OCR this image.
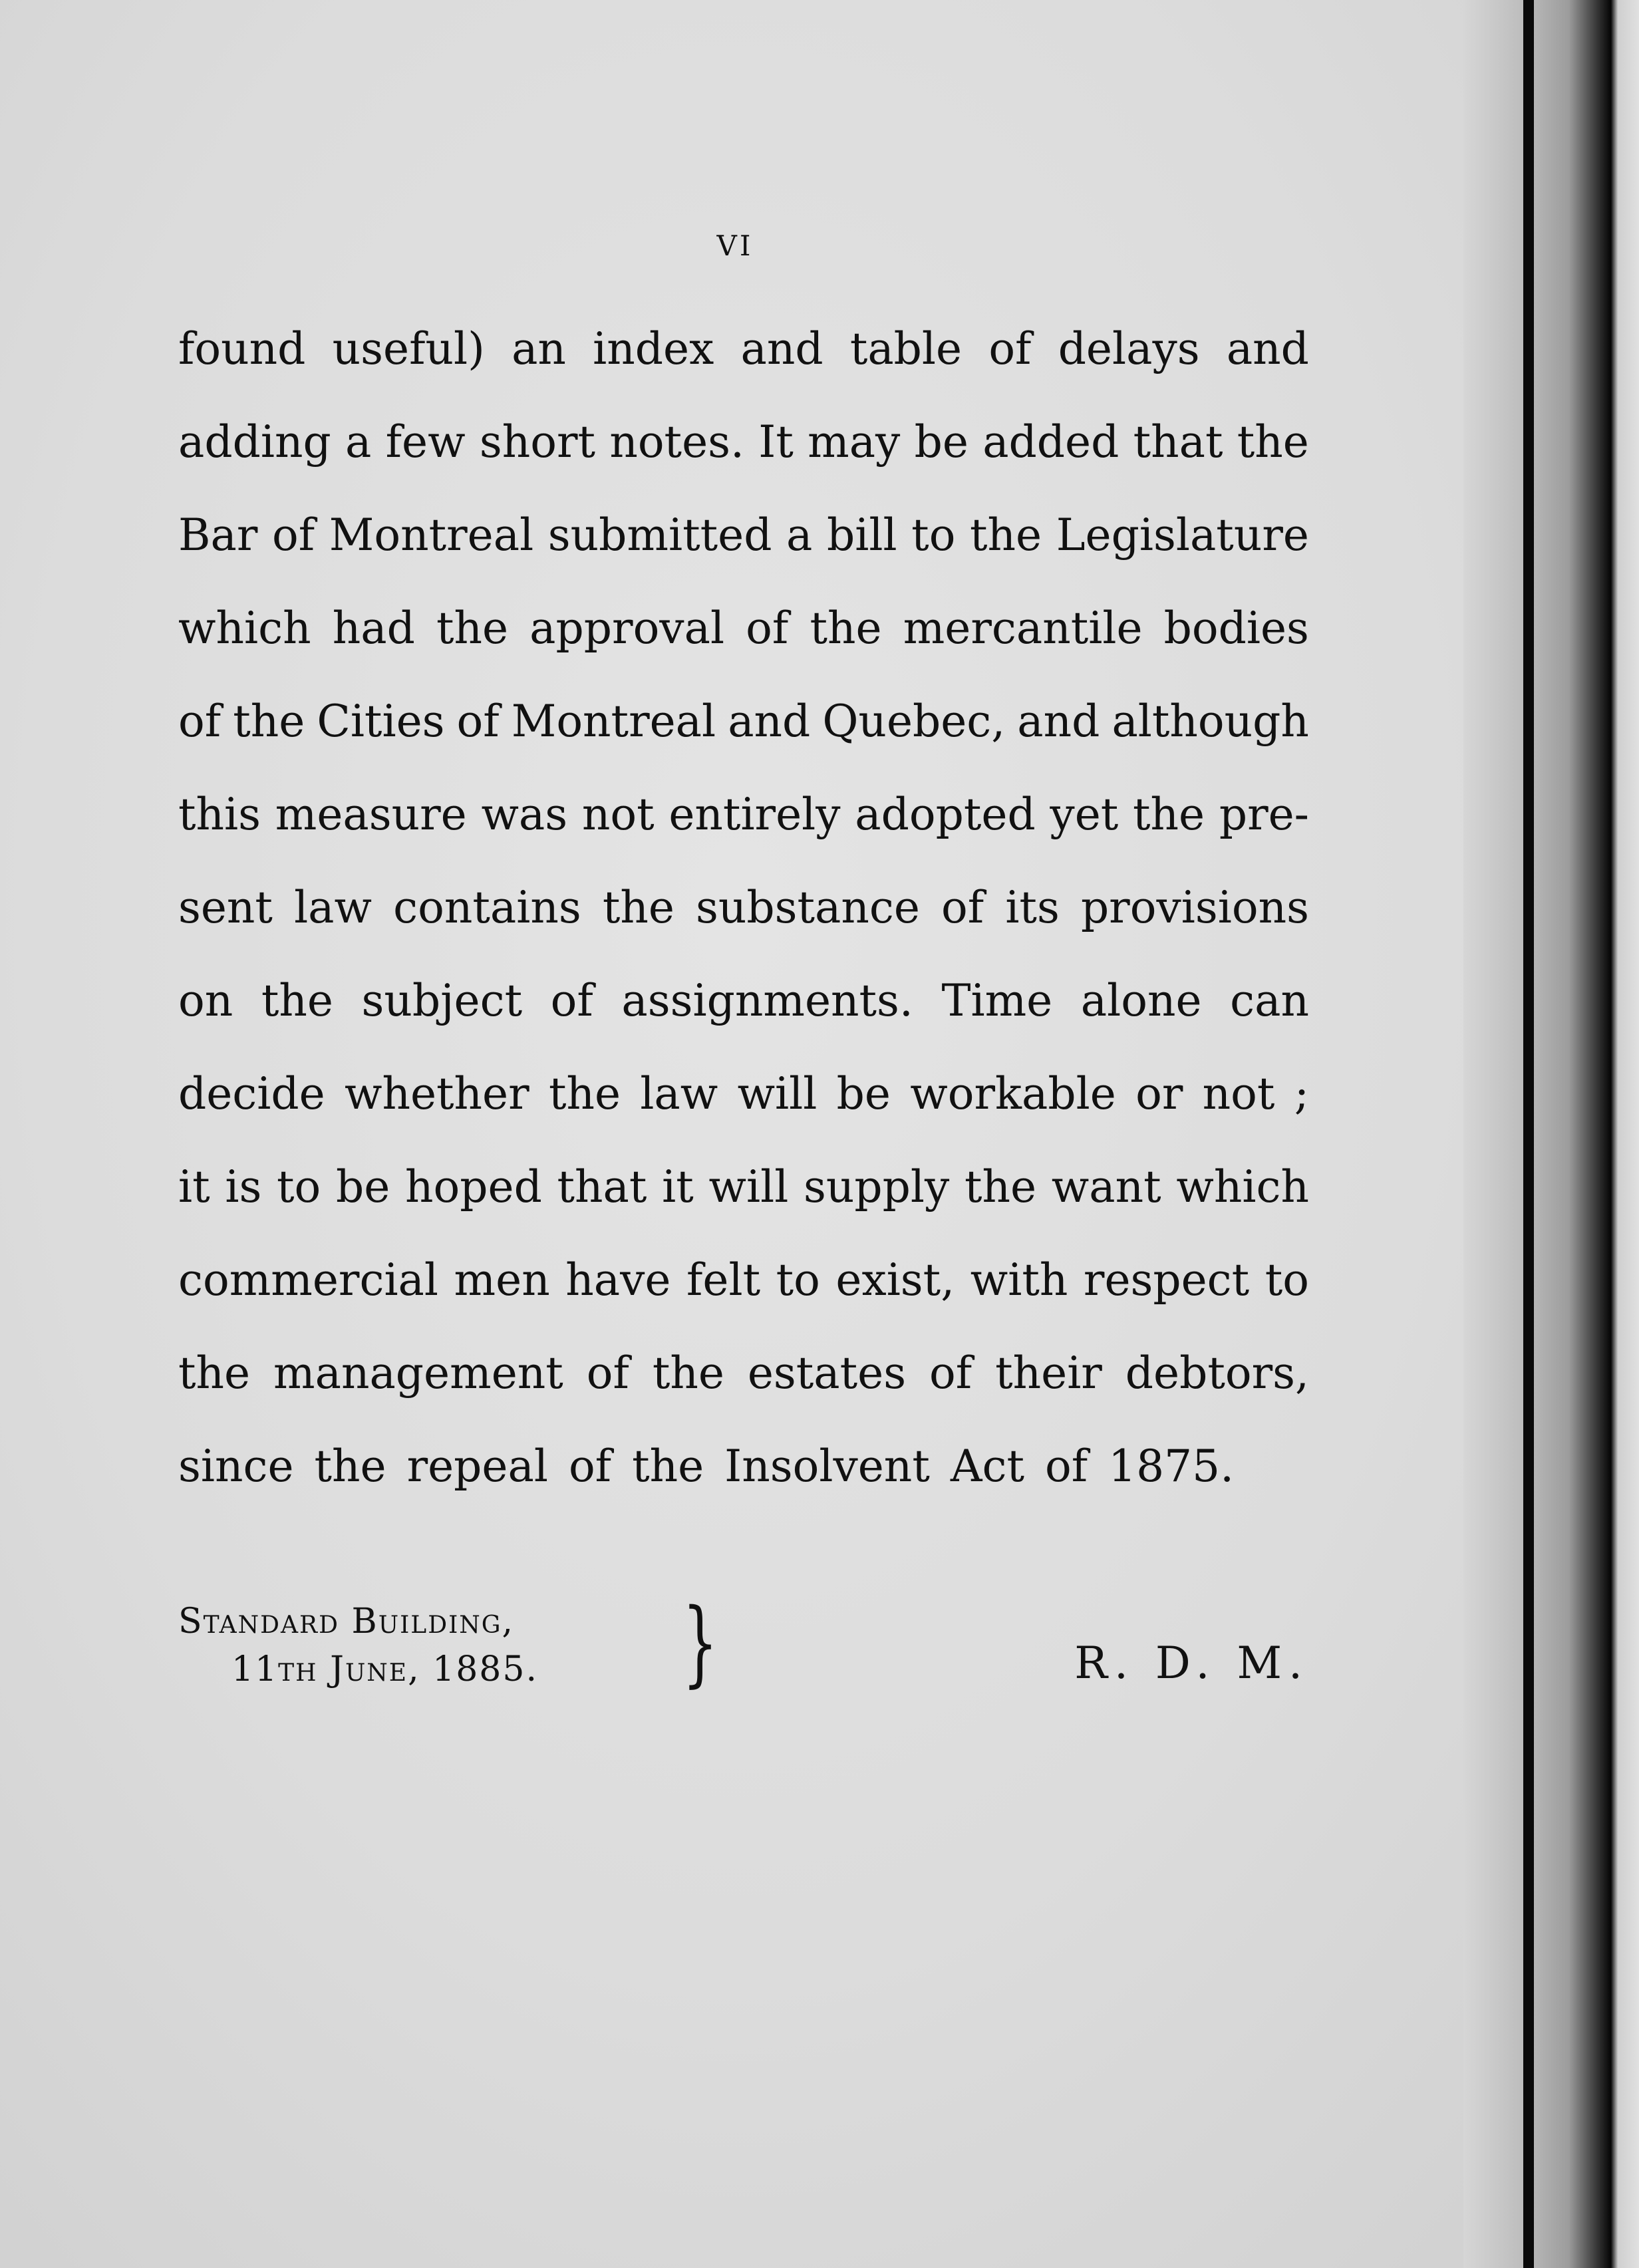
VI
found useful) an index and table of delays and
adding a few short notes. It may be added that the
Bar of Montreal submitted a bill to the Legislature
which had the approval of the mercantile bodies
of the Cities of Montreal and Quebec, and although
this measure was not entirely adopted yet the pre-
sent law contains the substance of its provisions
on the subject of assignments. Time alone can
decide whether the law will be workable or not ;
it is to be hoped that it will supply the want which
commercial men have felt to exist, with respect to
the management of the estates of their debtors,
since
the
repeal
of
the
Insolvent
Act
of
1875.
Standard Building,
11th June, 1885. }	R. D. M.
